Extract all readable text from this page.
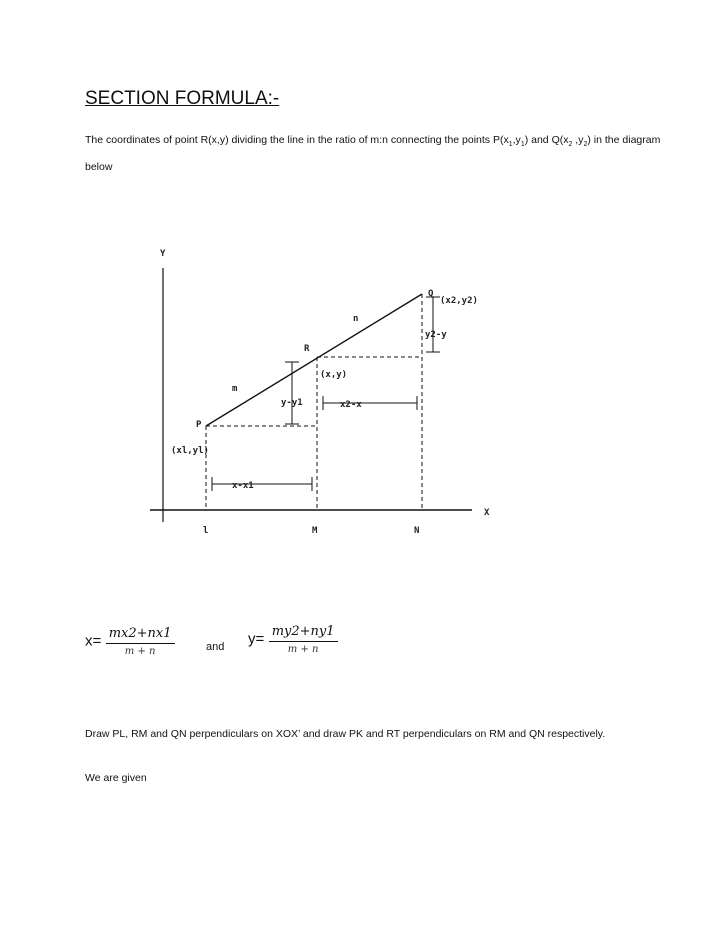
SECTION FORMULA:-
The coordinates of point R(x,y) dividing the line in the ratio of m:n connecting the points $P(x_1,y_1)$ and $Q(x_2$ $,y_2$) in the diagram below
Y
X
P
R
Q
(xl,yl)
(x,y)
(x2,y2)
m
n
y-y1
y2-y
x-x1
x2-x
l	M	N
$x= \frac{mx2+nx1}{m + n}$	and $y= \frac{my2+ny1}{m + n}$
Draw PL, RM and QN perpendiculars on XOX’ and draw PK and RT perpendiculars on RM and QN respectively.
We are given
